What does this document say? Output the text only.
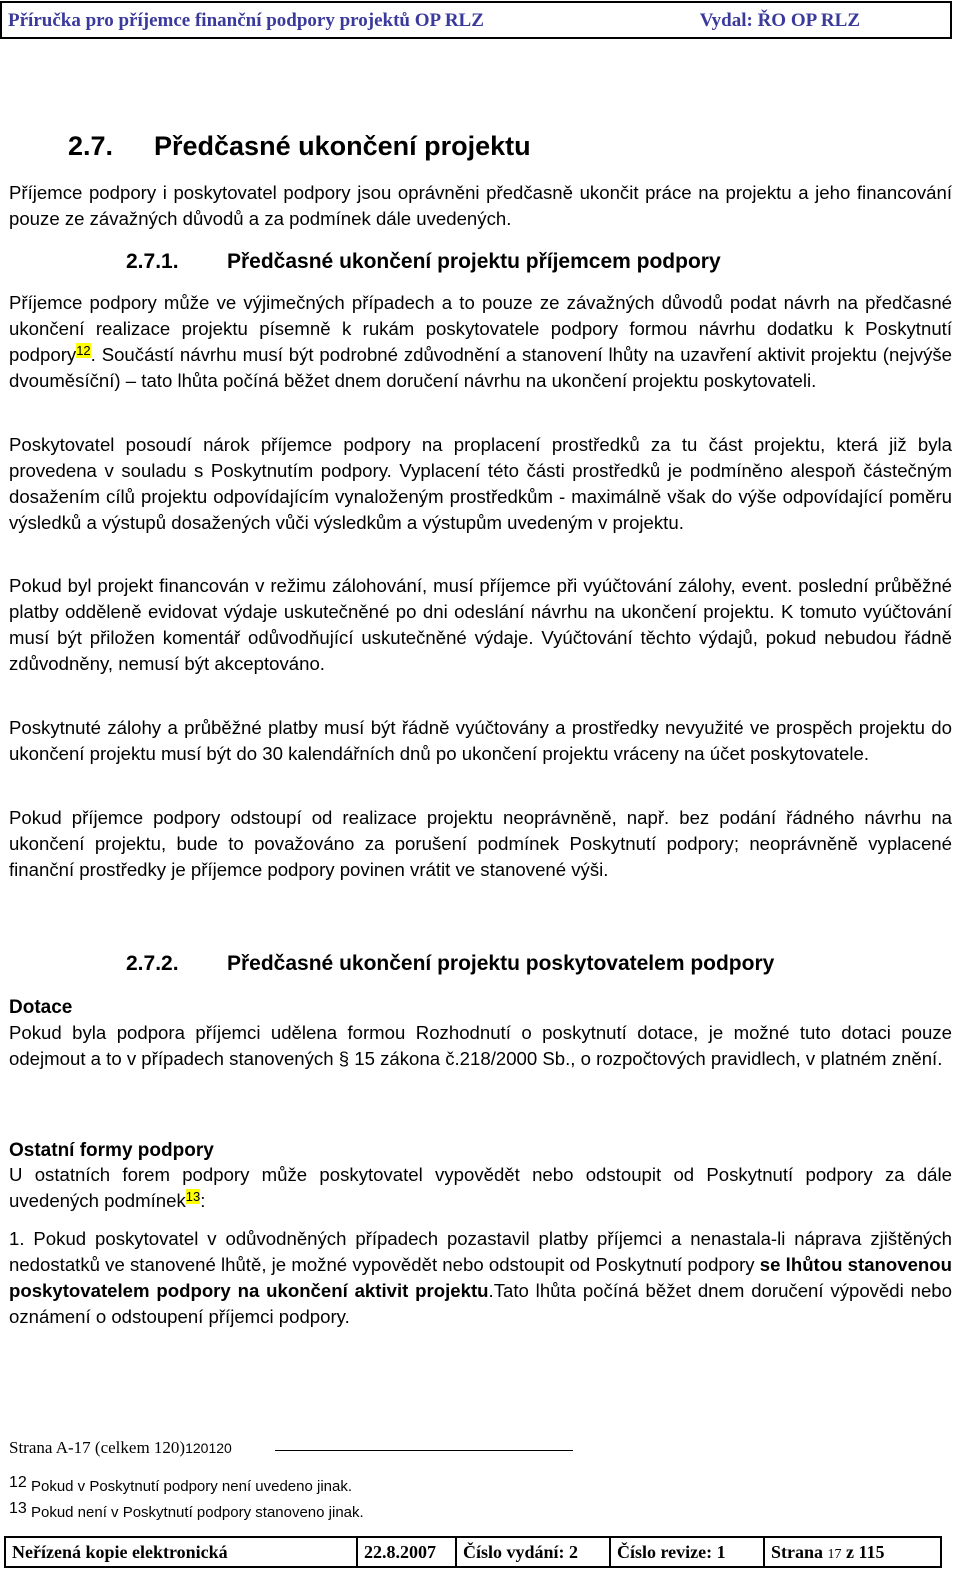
Příručka pro příjemce finanční podpory projektů OP RLZ	Vydal: ŘO OP RLZ
2.7. Předčasné ukončení projektu

Příjemce podpory i poskytovatel podpory jsou oprávněni předčasně ukončit práce na projektu a jeho financování pouze ze závažných důvodů a za podmínek dále uvedených.

2.7.1. Předčasné ukončení projektu příjemcem podpory

Příjemce podpory může ve výjimečných případech a to pouze ze závažných důvodů podat návrh na předčasné ukončení realizace projektu písemně k rukám poskytovatele podpory formou návrhu dodatku k Poskytnutí podpory$^{12}$. Součástí návrhu musí být podrobné zdůvodnění a stanovení lhůty na uzavření aktivit projektu (nejvýše dvouměsíční) – tato lhůta počíná běžet dnem doručení návrhu na ukončení projektu poskytovateli.

Poskytovatel posoudí nárok příjemce podpory na proplacení prostředků za tu část projektu, která již byla provedena v souladu s Poskytnutím podpory. Vyplacení této části prostředků je podmíněno alespoň částečným dosažením cílů projektu odpovídajícím vynaloženým prostředkům - maximálně však do výše odpovídající poměru výsledků a výstupů dosažených vůči výsledkům a výstupům uvedeným v projektu.

Pokud byl projekt financován v režimu zálohování, musí příjemce při vyúčtování zálohy, event. poslední průběžné platby odděleně evidovat výdaje uskutečněné po dni odeslání návrhu na ukončení projektu. K tomuto vyúčtování musí být přiložen komentář odůvodňující uskutečněné výdaje. Vyúčtování těchto výdajů, pokud nebudou řádně zdůvodněny, nemusí být akceptováno.

Poskytnuté zálohy a průběžné platby musí být řádně vyúčtovány a prostředky nevyužité ve prospěch projektu do ukončení projektu musí být do 30 kalendářních dnů po ukončení projektu vráceny na účet poskytovatele.

Pokud příjemce podpory odstoupí od realizace projektu neoprávněně, např. bez podání řádného návrhu na ukončení projektu, bude to považováno za porušení podmínek Poskytnutí podpory; neoprávněně vyplacené finanční prostředky je příjemce podpory povinen vrátit ve stanovené výši.

2.7.2. Předčasné ukončení projektu poskytovatelem podpory
Dotace

Pokud byla podpora příjemci udělena formou Rozhodnutí o poskytnutí dotace, je možné tuto dotaci pouze odejmout a to v případech stanovených § 15 zákona č.218/2000 Sb., o rozpočtových pravidlech, v platném znění.

Ostatní formy podpory

U ostatních forem podpory může poskytovatel vypovědět nebo odstoupit od Poskytnutí podpory za dále uvedených podmínek$^{13}$:

1. Pokud poskytovatel v odůvodněných případech pozastavil platby příjemci a nenastala-li náprava zjištěných nedostatků ve stanovené lhůtě, je možné vypovědět nebo odstoupit od Poskytnutí podpory se lhůtou stanovenou poskytovatelem podpory na ukončení aktivit projektu.Tato lhůta počíná běžet dnem doručení výpovědi nebo oznámení o odstoupení příjemci podpory.

Strana A-17 (celkem 120)120120
12 Pokud v Poskytnutí podpory není uvedeno jinak.
13 Pokud není v Poskytnutí podpory stanoveno jinak.
Neřízená kopie elektronická	22.8.2007	Číslo vydání: 2	Číslo revize: 1	Strana 17 z 115
